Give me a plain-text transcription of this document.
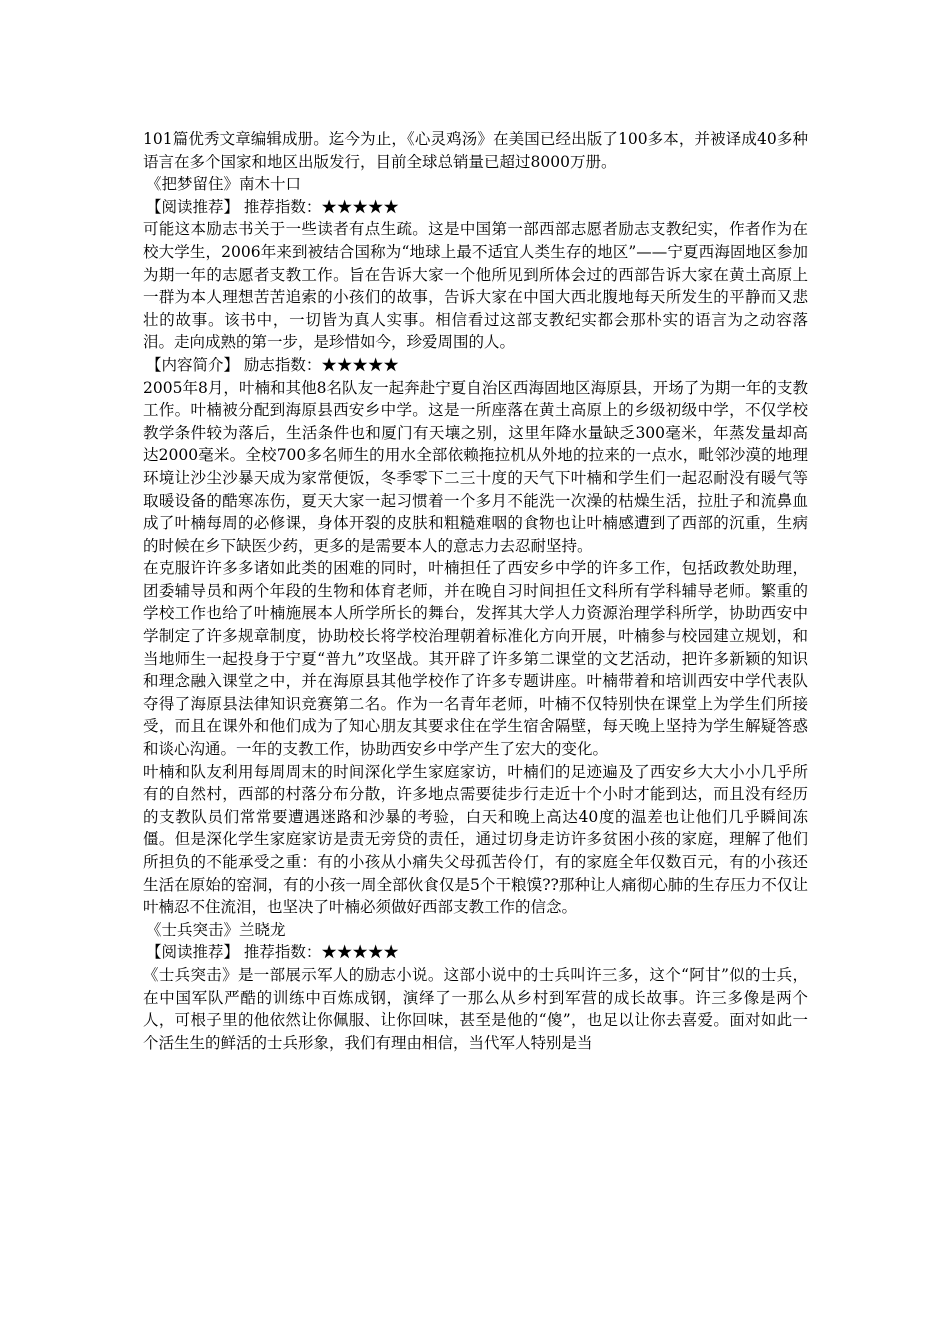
101篇优秀文章编辑成册。迄今为止，《心灵鸡汤》在美国已经出版了100多本，并被译成40多种语言在多个国家和地区出版发行，目前全球总销量已超过8000万册。

《把梦留住》南木十口

【阅读推荐】 推荐指数：★★★★★

可能这本励志书关于一些读者有点生疏。这是中国第一部西部志愿者励志支教纪实，作者作为在校大学生，2006年来到被结合国称为“地球上最不适宜人类生存的地区”——宁夏西海固地区参加为期一年的志愿者支教工作。旨在告诉大家一个他所见到所体会过的西部告诉大家在黄土高原上一群为本人理想苦苦追索的小孩们的故事，告诉大家在中国大西北腹地每天所发生的平静而又悲壮的故事。该书中，一切皆为真人实事。相信看过这部支教纪实都会那朴实的语言为之动容落泪。走向成熟的第一步，是珍惜如今，珍爱周围的人。

【内容简介】 励志指数：★★★★★

2005年8月，叶楠和其他8名队友一起奔赴宁夏自治区西海固地区海原县，开场了为期一年的支教工作。叶楠被分配到海原县西安乡中学。这是一所座落在黄土高原上的乡级初级中学，不仅学校教学条件较为落后，生活条件也和厦门有天壤之别，这里年降水量缺乏300毫米，年蒸发量却高达2000毫米。全校700多名师生的用水全部依赖拖拉机从外地的拉来的一点水，毗邻沙漠的地理环境让沙尘沙暴天成为家常便饭，冬季零下二三十度的天气下叶楠和学生们一起忍耐没有暖气等取暖设备的酷寒冻伤，夏天大家一起习惯着一个多月不能洗一次澡的枯燥生活，拉肚子和流鼻血成了叶楠每周的必修课，身体开裂的皮肤和粗糙难咽的食物也让叶楠感遭到了西部的沉重，生病的时候在乡下缺医少药，更多的是需要本人的意志力去忍耐坚持。

在克服许许多多诸如此类的困难的同时，叶楠担任了西安乡中学的许多工作，包括政教处助理，团委辅导员和两个年段的生物和体育老师，并在晚自习时间担任文科所有学科辅导老师。繁重的学校工作也给了叶楠施展本人所学所长的舞台，发挥其大学人力资源治理学科所学，协助西安中学制定了许多规章制度，协助校长将学校治理朝着标准化方向开展，叶楠参与校园建立规划，和当地师生一起投身于宁夏“普九”攻坚战。其开辟了许多第二课堂的文艺活动，把许多新颖的知识和理念融入课堂之中，并在海原县其他学校作了许多专题讲座。叶楠带着和培训西安中学代表队夺得了海原县法律知识竞赛第二名。作为一名青年老师，叶楠不仅特别快在课堂上为学生们所接受，而且在课外和他们成为了知心朋友其要求住在学生宿舍隔壁，每天晚上坚持为学生解疑答惑和谈心沟通。一年的支教工作，协助西安乡中学产生了宏大的变化。

叶楠和队友利用每周周末的时间深化学生家庭家访，叶楠们的足迹遍及了西安乡大大小小几乎所有的自然村，西部的村落分布分散，许多地点需要徒步行走近十个小时才能到达，而且没有经历的支教队员们常常要遭遇迷路和沙暴的考验，白天和晚上高达40度的温差也让他们几乎瞬间冻僵。但是深化学生家庭家访是责无旁贷的责任，通过切身走访许多贫困小孩的家庭，理解了他们所担负的不能承受之重：有的小孩从小痛失父母孤苦伶仃，有的家庭全年仅数百元，有的小孩还生活在原始的窑洞，有的小孩一周全部伙食仅是5个干粮馍??那种让人痛彻心肺的生存压力不仅让叶楠忍不住流泪，也坚决了叶楠必须做好西部支教工作的信念。

《士兵突击》兰晓龙

【阅读推荐】 推荐指数：★★★★★

《士兵突击》是一部展示军人的励志小说。这部小说中的士兵叫许三多，这个“阿甘”似的士兵，在中国军队严酷的训练中百炼成钢，演绎了一那么从乡村到军营的成长故事。许三多像是两个人，可根子里的他依然让你佩服、让你回味，甚至是他的“傻”，也足以让你去喜爱。面对如此一个活生生的鲜活的士兵形象，我们有理由相信，当代军人特别是当
